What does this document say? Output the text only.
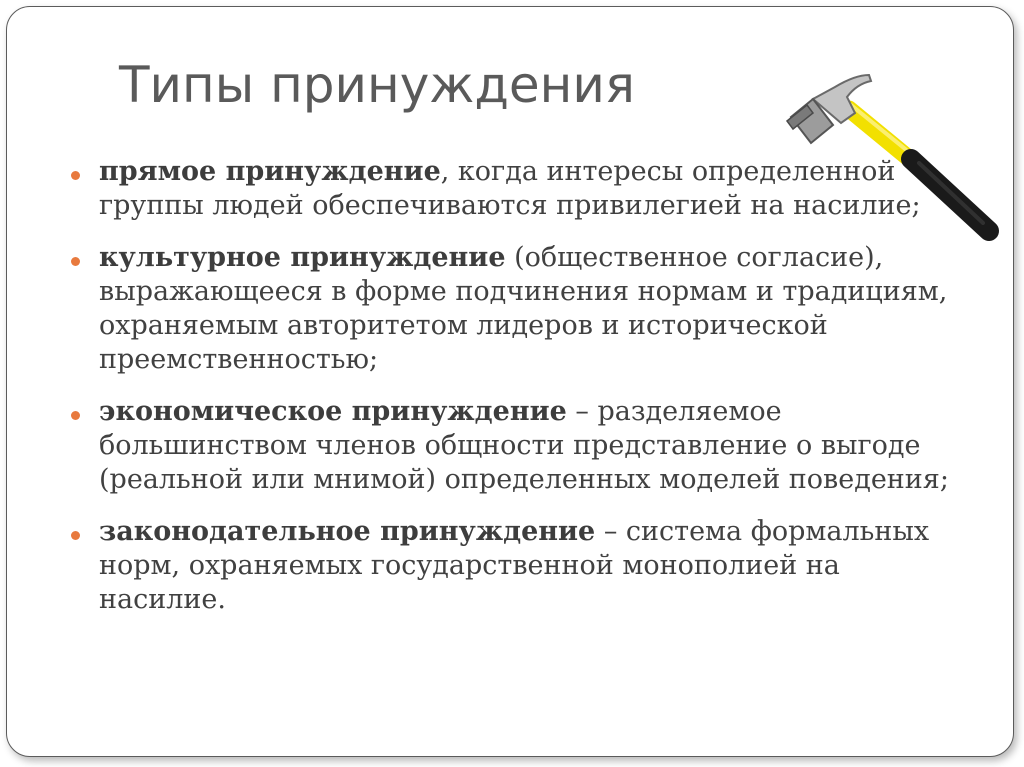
Типы принуждения
прямое принуждение, когда интересы определенной группы людей обеспечиваются привилегией на насилие;
культурное принуждение (общественное согласие), выражающееся в форме подчинения нормам и традициям, охраняемым авторитетом лидеров и исторической преемственностью;
экономическое принуждение – разделяемое большинством членов общности представление о выгоде (реальной или мнимой) определенных моделей поведения;
законодательное принуждение – система формальных норм, охраняемых государственной монополией на насилие.
